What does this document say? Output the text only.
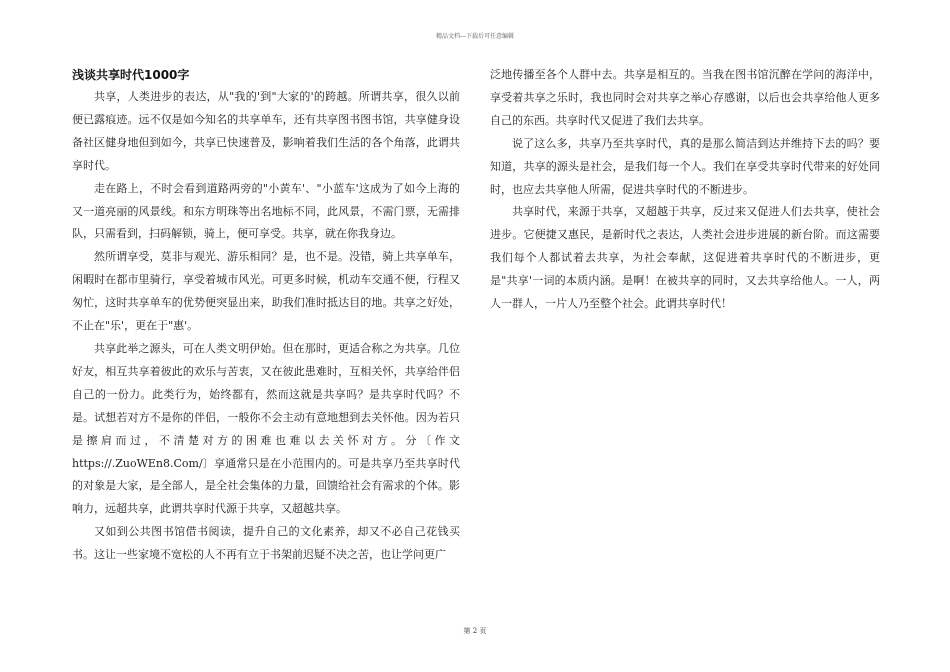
精品文档---下载后可任意编辑
浅谈共享时代1000字

共享，人类进步的表达，从"我的'到"大家的'的跨越。所谓共享，很久以前便已露痕迹。远不仅是如今知名的共享单车，还有共享图书图书馆，共享健身设备社区健身地但到如今，共享已快速普及，影响着我们生活的各个角落，此谓共享时代。

走在路上，不时会看到道路两旁的"小黄车'、"小蓝车'这成为了如今上海的又一道亮丽的风景线。和东方明珠等出名地标不同，此风景，不需门票，无需排队，只需看到，扫码解锁，骑上，便可享受。共享，就在你我身边。

然所谓享受，莫非与观光、游乐相同？是，也不是。没错，骑上共享单车，闲暇时在都市里骑行，享受着城市风光。可更多时候，机动车交通不便，行程又匆忙，这时共享单车的优势便突显出来，助我们准时抵达目的地。共享之好处，不止在"乐'，更在于"惠'。

共享此举之源头，可在人类文明伊始。但在那时，更适合称之为共享。几位好友，相互共享着彼此的欢乐与苦衷，又在彼此患难时，互相关怀，共享给伴侣自己的一份力。此类行为，始终都有，然而这就是共享吗？是共享时代吗？不是。试想若对方不是你的伴侣，一般你不会主动有意地想到去关怀他。因为若只是擦肩而过，不清楚对方的困难也难以去关怀对方。分〔作文 https://.ZuoWEn8.Com/〕享通常只是在小范围内的。可是共享乃至共享时代的对象是大家，是全部人，是全社会集体的力量，回馈给社会有需求的个体。影响力，远超共享，此谓共享时代源于共享，又超越共享。

又如到公共图书馆借书阅读，提升自己的文化素养，却又不必自己花钱买书。这让一些家境不宽松的人不再有立于书架前迟疑不决之苦，也让学问更广

泛地传播至各个人群中去。共享是相互的。当我在图书馆沉醉在学问的海洋中，享受着共享之乐时，我也同时会对共享之举心存感谢，以后也会共享给他人更多自己的东西。共享时代又促进了我们去共享。

说了这么多，共享乃至共享时代，真的是那么简洁到达并维持下去的吗？要知道，共享的源头是社会，是我们每一个人。我们在享受共享时代带来的好处同时，也应去共享他人所需，促进共享时代的不断进步。

共享时代，来源于共享，又超越于共享，反过来又促进人们去共享，使社会进步。它便捷又惠民，是新时代之表达，人类社会进步进展的新台阶。而这需要我们每个人都试着去共享，为社会奉献，这促进着共享时代的不断进步，更是"共享'一词的本质内涵。是啊！在被共享的同时，又去共享给他人。一人，两人一群人，一片人乃至整个社会。此谓共享时代！

第 2 页
